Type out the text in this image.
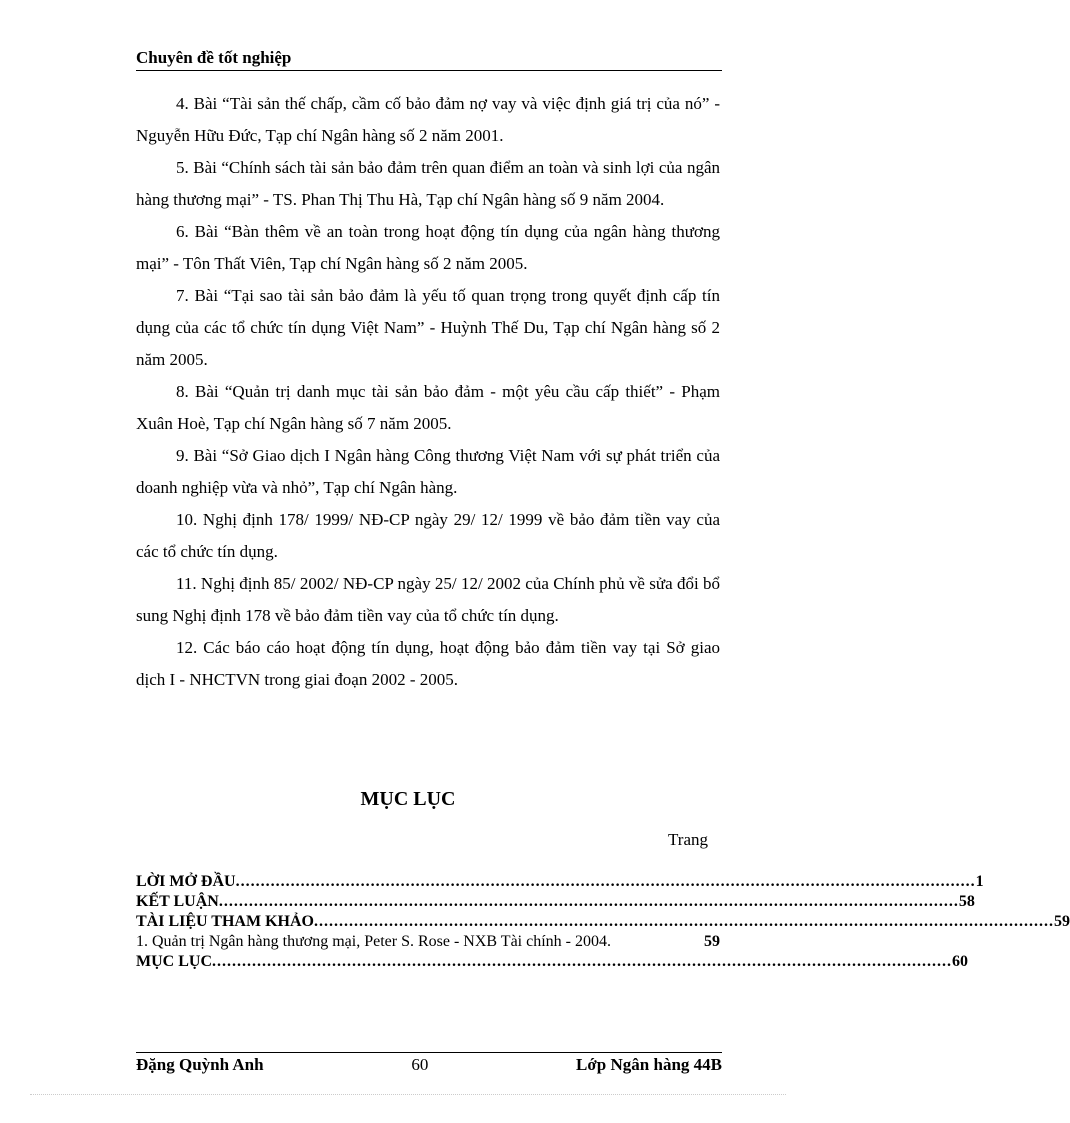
Chuyên đề tốt nghiệp

4. Bài “Tài sản thế chấp, cầm cố bảo đảm nợ vay và việc định giá trị của nó” - Nguyễn Hữu Đức, Tạp chí Ngân hàng số 2 năm 2001.

5. Bài “Chính sách tài sản bảo đảm trên quan điểm an toàn và sinh lợi của ngân hàng thương mại” - TS. Phan Thị Thu Hà, Tạp chí Ngân hàng số 9 năm 2004.

6. Bài “Bàn thêm về an toàn trong hoạt động tín dụng của ngân hàng thương mại” - Tôn Thất Viên, Tạp chí Ngân hàng số 2 năm 2005.

7. Bài “Tại sao tài sản bảo đảm là yếu tố quan trọng trong quyết định cấp tín dụng của các tổ chức tín dụng Việt Nam” - Huỳnh Thế Du, Tạp chí Ngân hàng số 2 năm 2005.

8. Bài “Quản trị danh mục tài sản bảo đảm - một yêu cầu cấp thiết” - Phạm Xuân Hoè, Tạp chí Ngân hàng số 7 năm 2005.

9. Bài “Sở Giao dịch I Ngân hàng Công thương Việt Nam với sự phát triển của doanh nghiệp vừa và nhỏ”, Tạp chí Ngân hàng.

10. Nghị định 178/ 1999/ NĐ-CP ngày 29/ 12/ 1999 về bảo đảm tiền vay của các tổ chức tín dụng.

11. Nghị định 85/ 2002/ NĐ-CP ngày 25/ 12/ 2002 của Chính phủ về sửa đổi bổ sung Nghị định 178 về bảo đảm tiền vay của tổ chức tín dụng.

12. Các báo cáo hoạt động tín dụng, hoạt động bảo đảm tiền vay tại Sở giao dịch I - NHCTVN trong giai đoạn 2002 - 2005.

MỤC LỤC
Trang
LỜI MỞ ĐẦU .................................................................................................................................................... 1
KẾT LUẬN .................................................................................................................................................... 58
TÀI LIỆU THAM KHẢO .................................................................................................................................................... 59
1. Quản trị Ngân hàng thương mại, Peter S. Rose - NXB Tài chính - 2004.	59
MỤC LỤC .................................................................................................................................................... 60
Đặng Quỳnh Anh	60	Lớp Ngân hàng 44B
